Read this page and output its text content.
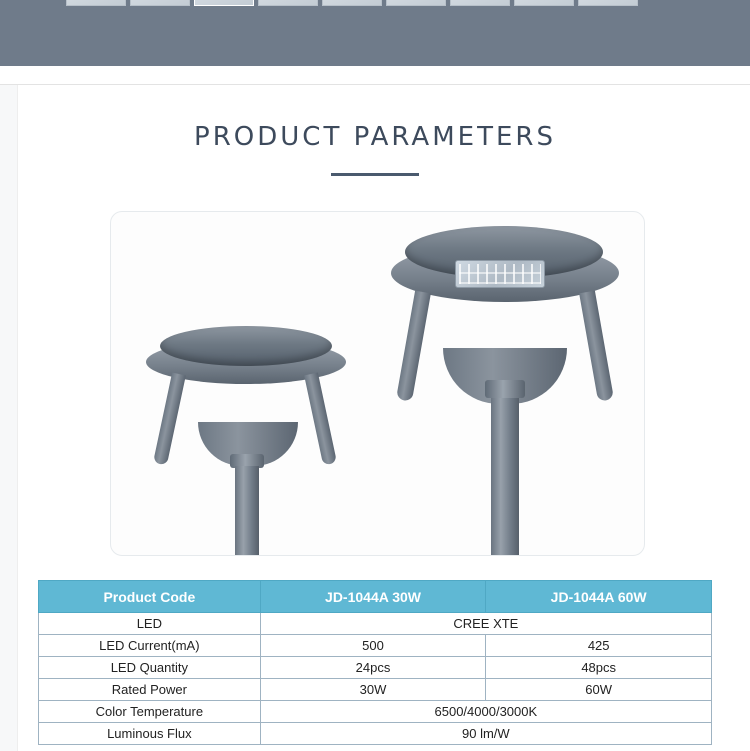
PRODUCT PARAMETERS
Product Code	JD-1044A 30W	JD-1044A 60W
LED	CREE XTE	
LED Current(mA)	500	425
LED Quantity	24pcs	48pcs
Rated Power	30W	60W
Color Temperature	6500/4000/3000K	
Luminous Flux	90 lm/W	
